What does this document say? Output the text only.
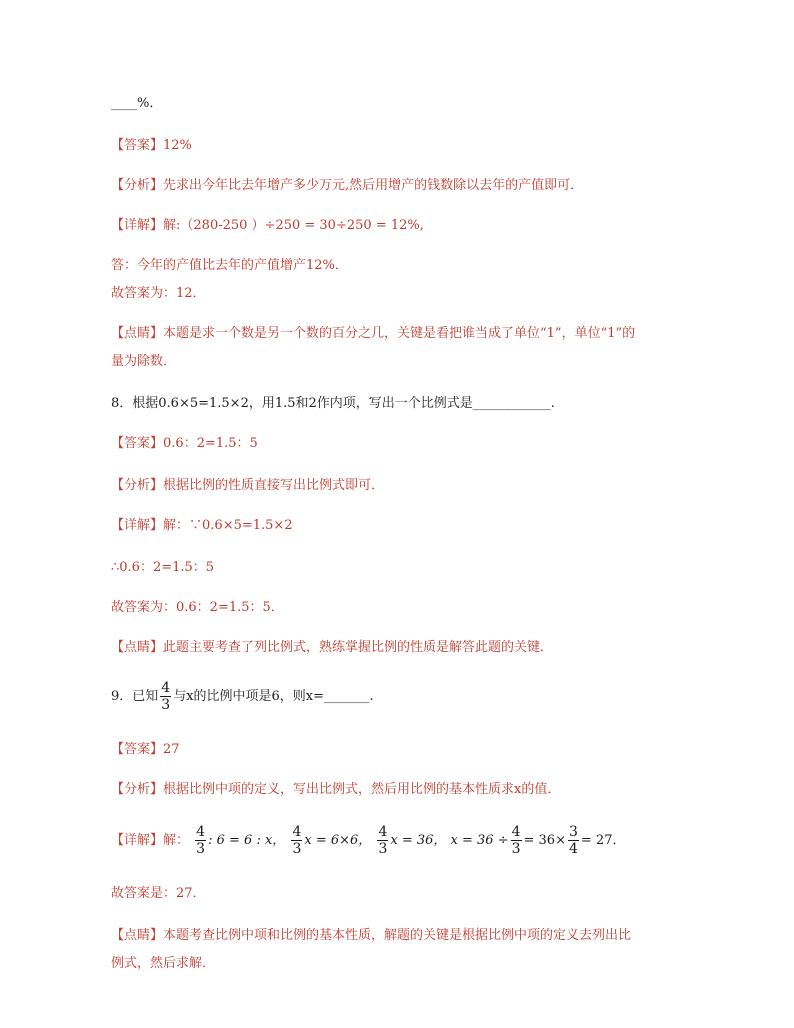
____%．
【答案】12%
【分析】先求出今年比去年增产多少万元,然后用增产的钱数除以去年的产值即可．
【详解】解:（280-250 ）÷250 = 30÷250 = 12%,
答：今年的产值比去年的产值增产12%．
故答案为：12．
【点睛】本题是求一个数是另一个数的百分之几，关键是看把谁当成了单位“1”，单位“1”的
量为除数．
8．根据0.6×5=1.5×2，用1.5和2作内项，写出一个比例式是____________.
【答案】0.6：2=1.5：5
【分析】根据比例的性质直接写出比例式即可．
【详解】解：∵0.6×5=1.5×2
∴0.6：2=1.5：5
故答案为：0.6：2=1.5：5．
【点睛】此题主要考查了列比例式，熟练掌握比例的性质是解答此题的关键．
9．已知 $\frac{4}{3}$ 与x的比例中项是6，则x=_______.
【答案】27
【分析】根据比例中项的定义，写出比例式，然后用比例的基本性质求x的值．
【详解】解： $\frac{4}{3}$ : 6 = 6 : x， $\frac{4}{3}$ x = 6×6， $\frac{4}{3}$ x = 36， $x = 36 \div \frac{4}{3} = 36\times \frac{3}{4} = 27$．
故答案是：27．
【点睛】本题考查比例中项和比例的基本性质，解题的关键是根据比例中项的定义去列出比
例式，然后求解．
